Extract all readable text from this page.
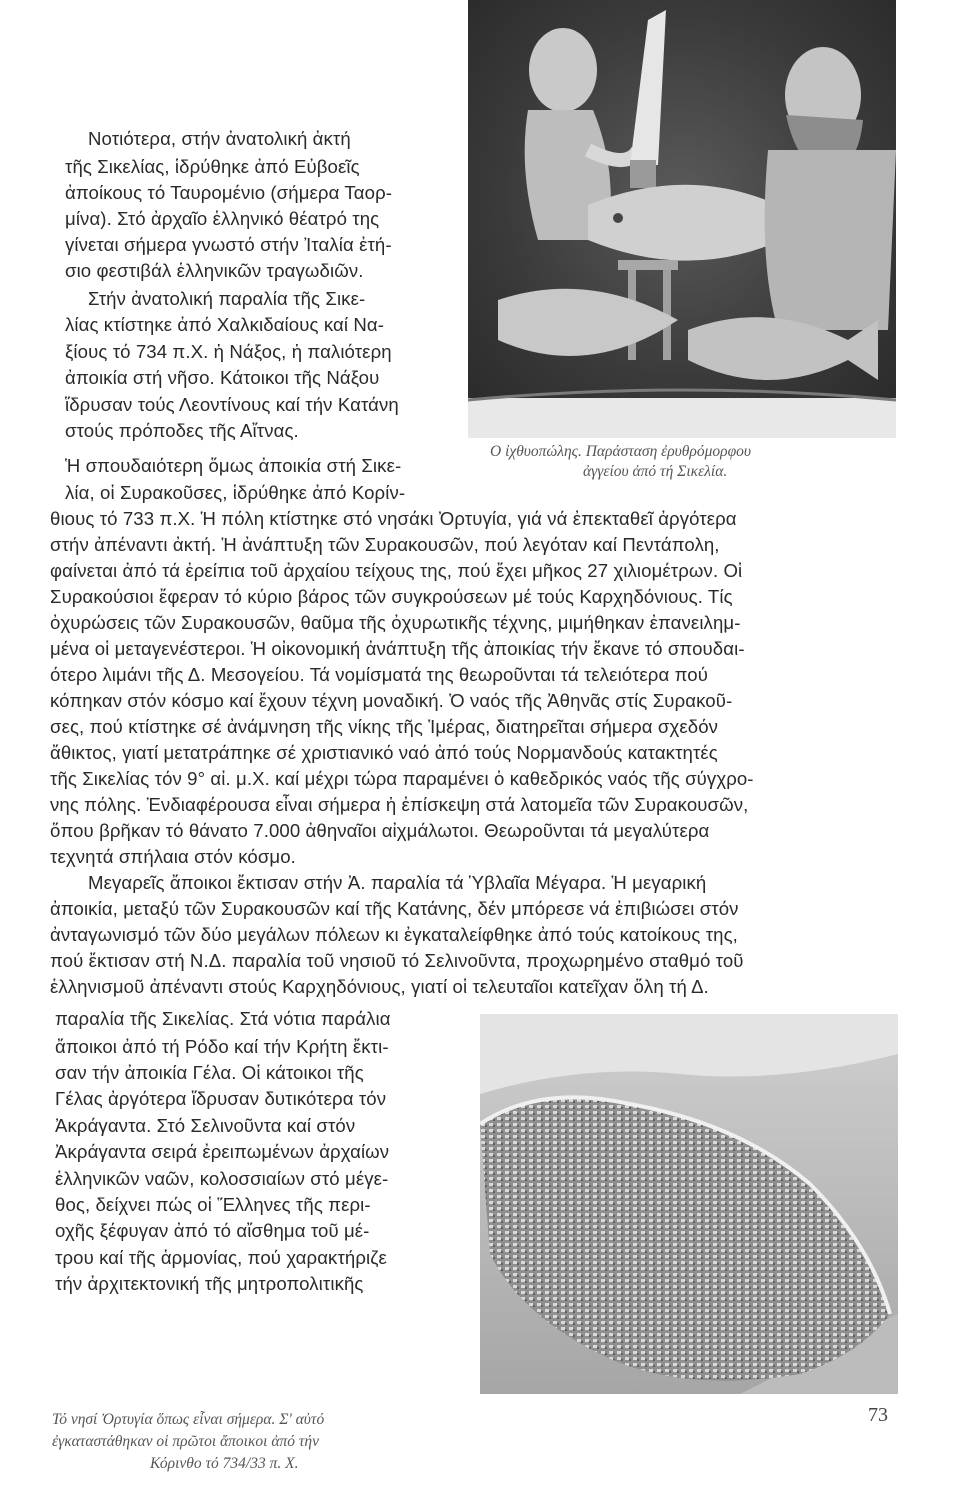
Ο ἰχθυοπώλης. Παράσταση ἐρυθρόμορφου
ἀγγείου ἀπό τή Σικελία.
Τό νησί Ὀρτυγία ὅπως εἶναι σήμερα. Σ' αὐτό
ἐγκαταστάθηκαν οἱ πρῶτοι ἄποικοι ἀπό τήν
Κόρινθο τό 734/33 π. Χ.
Νοτιότερα, στήν ἀνατολική ἀκτή
τῆς Σικελίας, ἱδρύθηκε ἀπό Εὐβοεῖς
ἀποίκους τό Ταυρομένιο (σήμερα Ταορ-
μίνα). Στό ἀρχαῖο ἑλληνικό θέατρό της
γίνεται σήμερα γνωστό στήν Ἰταλία ἐτή-
σιο φεστιβάλ ἑλληνικῶν τραγωδιῶν.
Στήν ἀνατολική παραλία τῆς Σικε-
λίας κτίστηκε ἀπό Χαλκιδαίους καί Να-
ξίους τό 734 π.Χ. ἡ Νάξος, ἡ παλιότερη
ἀποικία στή νῆσο. Κάτοικοι τῆς Νάξου
ἵδρυσαν τούς Λεοντίνους καί τήν Κατάνη
στούς πρόποδες τῆς Αἴτνας.
Ἡ σπουδαιότερη ὅμως ἀποικία στή Σικε-
λία, οἱ Συρακοῦσες, ἱδρύθηκε ἀπό Κορίν-
θιους τό 733 π.Χ. Ἡ πόλη κτίστηκε στό νησάκι Ὀρτυγία, γιά νά ἐπεκταθεῖ ἀργότερα
στήν ἀπέναντι ἀκτή. Ἡ ἀνάπτυξη τῶν Συρακουσῶν, πού λεγόταν καί Πεντάπολη,
φαίνεται ἀπό τά ἐρείπια τοῦ ἀρχαίου τείχους της, πού ἔχει μῆκος 27 χιλιομέτρων. Οἱ
Συρακούσιοι ἔφεραν τό κύριο βάρος τῶν συγκρούσεων μέ τούς Καρχηδόνιους. Τίς
ὀχυρώσεις τῶν Συρακουσῶν, θαῦμα τῆς ὀχυρωτικῆς τέχνης, μιμήθηκαν ἐπανειλημ-
μένα οἱ μεταγενέστεροι. Ἡ οἰκονομική ἀνάπτυξη τῆς ἀποικίας τήν ἔκανε τό σπουδαι-
ότερο λιμάνι τῆς Δ. Μεσογείου. Τά νομίσματά της θεωροῦνται τά τελειότερα πού
κόπηκαν στόν κόσμο καί ἔχουν τέχνη μοναδική. Ὁ ναός τῆς Ἀθηνᾶς στίς Συρακοῦ-
σες, πού κτίστηκε σέ ἀνάμνηση τῆς νίκης τῆς Ἱμέρας, διατηρεῖται σήμερα σχεδόν
ἄθικτος, γιατί μετατράπηκε σέ χριστιανικό ναό ἀπό τούς Νορμανδούς κατακτητές
τῆς Σικελίας τόν 9° αἰ. μ.Χ. καί μέχρι τώρα παραμένει ὁ καθεδρικός ναός τῆς σύγχρο-
νης πόλης. Ἐνδιαφέρουσα εἶναι σήμερα ἡ ἐπίσκεψη στά λατομεῖα τῶν Συρακουσῶν,
ὅπου βρῆκαν τό θάνατο 7.000 ἀθηναῖοι αἰχμάλωτοι. Θεωροῦνται τά μεγαλύτερα
τεχνητά σπήλαια στόν κόσμο.
Μεγαρεῖς ἄποικοι ἔκτισαν στήν Ἀ. παραλία τά Ὑβλαῖα Μέγαρα. Ἡ μεγαρική
ἀποικία, μεταξύ τῶν Συρακουσῶν καί τῆς Κατάνης, δέν μπόρεσε νά ἐπιβιώσει στόν
ἀνταγωνισμό τῶν δύο μεγάλων πόλεων κι ἐγκαταλείφθηκε ἀπό τούς κατοίκους της,
πού ἔκτισαν στή Ν.Δ. παραλία τοῦ νησιοῦ τό Σελινοῦντα, προχωρημένο σταθμό τοῦ
ἑλληνισμοῦ ἀπέναντι στούς Καρχηδόνιους, γιατί οἱ τελευταῖοι κατεῖχαν ὅλη τή Δ.
παραλία τῆς Σικελίας. Στά νότια παράλια
ἄποικοι ἀπό τή Ρόδο καί τήν Κρήτη ἔκτι-
σαν τήν ἀποικία Γέλα. Οἱ κάτοικοι τῆς
Γέλας ἀργότερα ἵδρυσαν δυτικότερα τόν
Ἀκράγαντα. Στό Σελινοῦντα καί στόν
Ἀκράγαντα σειρά ἐρειπωμένων ἀρχαίων
ἑλληνικῶν ναῶν, κολοσσιαίων στό μέγε-
θος, δείχνει πώς οἱ Ἕλληνες τῆς περι-
οχῆς ξέφυγαν ἀπό τό αἴσθημα τοῦ μέ-
τρου καί τῆς ἁρμονίας, πού χαρακτήριζε
τήν ἀρχιτεκτονική τῆς μητροπολιτικῆς
73
